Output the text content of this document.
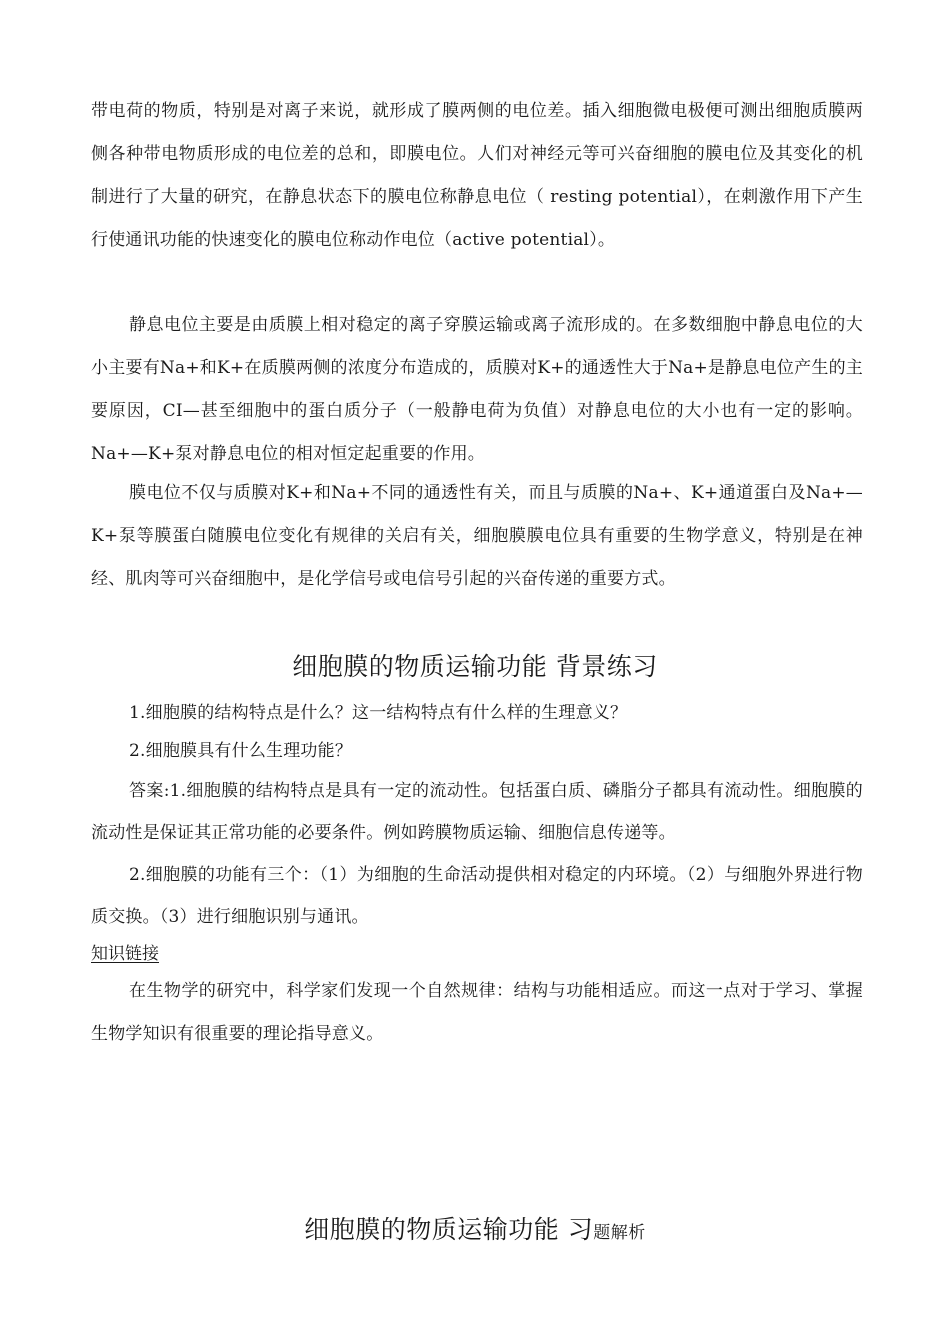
带电荷的物质，特别是对离子来说，就形成了膜两侧的电位差。插入细胞微电极便可测出细胞质膜两侧各种带电物质形成的电位差的总和，即膜电位。人们对神经元等可兴奋细胞的膜电位及其变化的机制进行了大量的研究，在静息状态下的膜电位称静息电位（ resting potential），在刺激作用下产生行使通讯功能的快速变化的膜电位称动作电位（active potential）。
静息电位主要是由质膜上相对稳定的离子穿膜运输或离子流形成的。在多数细胞中静息电位的大小主要有Na+和K+在质膜两侧的浓度分布造成的，质膜对K+的通透性大于Na+是静息电位产生的主要原因，CI—甚至细胞中的蛋白质分子（一般静电荷为负值）对静息电位的大小也有一定的影响。Na+—K+泵对静息电位的相对恒定起重要的作用。
膜电位不仅与质膜对K+和Na+不同的通透性有关，而且与质膜的Na+、K+通道蛋白及Na+—K+泵等膜蛋白随膜电位变化有规律的关启有关，细胞膜膜电位具有重要的生物学意义，特别是在神经、肌肉等可兴奋细胞中，是化学信号或电信号引起的兴奋传递的重要方式。
细胞膜的物质运输功能 背景练习
1.细胞膜的结构特点是什么？这一结构特点有什么样的生理意义？
2.细胞膜具有什么生理功能？
答案:1.细胞膜的结构特点是具有一定的流动性。包括蛋白质、磷脂分子都具有流动性。细胞膜的流动性是保证其正常功能的必要条件。例如跨膜物质运输、细胞信息传递等。
2.细胞膜的功能有三个：（1）为细胞的生命活动提供相对稳定的内环境。（2）与细胞外界进行物质交换。（3）进行细胞识别与通讯。
知识链接
在生物学的研究中，科学家们发现一个自然规律：结构与功能相适应。而这一点对于学习、掌握生物学知识有很重要的理论指导意义。
细胞膜的物质运输功能 习题解析
